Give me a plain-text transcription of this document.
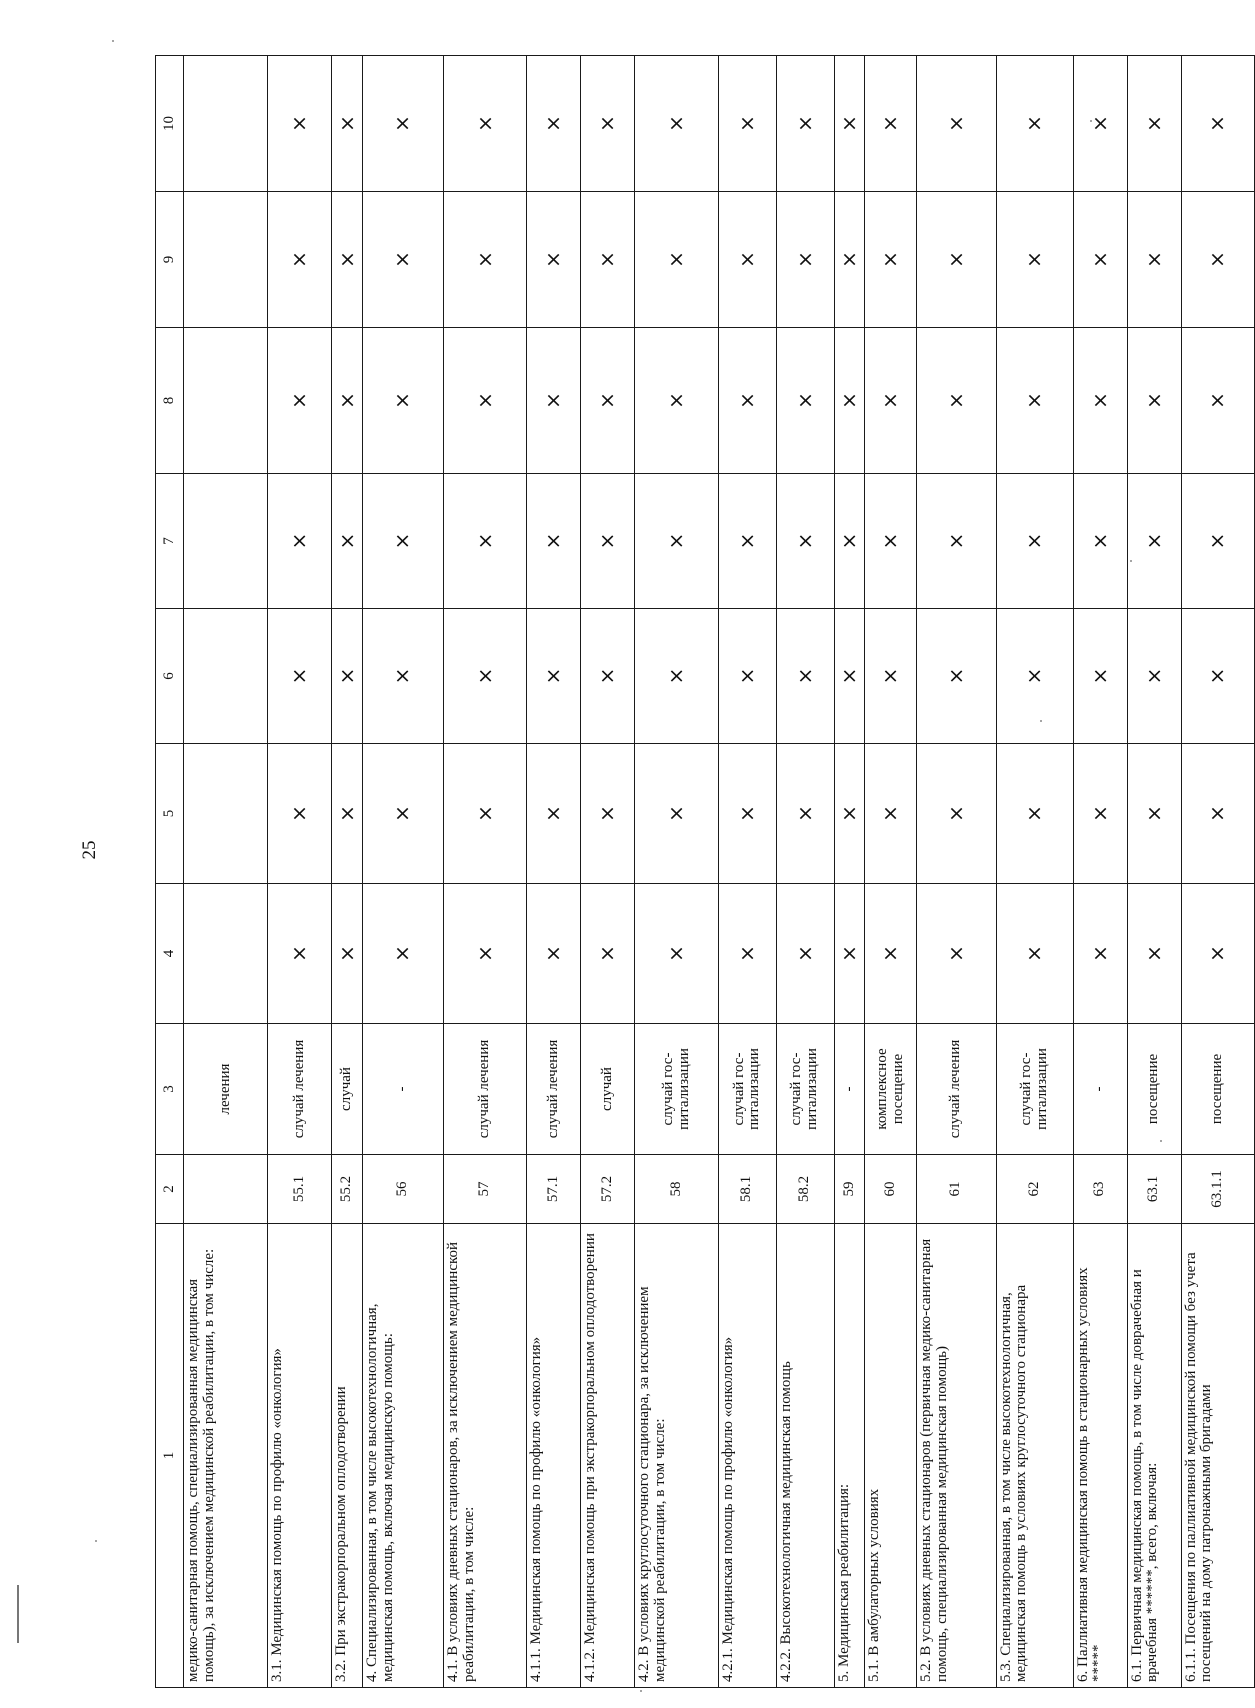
25
1	2	3	4	5	6	7	8	9	10
медико-санитарная помощь, специализированная медицинская помощь), за исключением медицинской реабилитации, в том числе:		лечения							
3.1. Медицинская помощь по профилю «онкология»	55.1	случай лечения	×	×	×	×	×	×	×
3.2. При экстракорпоральном оплодотворении	55.2	случай	×	×	×	×	×	×	×
4. Специализированная, в том числе высокотехнологичная, медицинская помощь, включая медицинскую помощь:	56	-	×	×	×	×	×	×	×
4.1. В условиях дневных стационаров, за исключением медицинской реабилитации, в том числе:	57	случай лечения	×	×	×	×	×	×	×
4.1.1. Медицинская помощь по профилю «онкология»	57.1	случай лечения	×	×	×	×	×	×	×
4.1.2. Медицинская помощь при экстракорпоральном оплодотворении	57.2	случай	×	×	×	×	×	×	×
4.2. В условиях круглосуточного стационара, за исключением медицинской реабилитации, в том числе:	58	случай гос-питализации	×	×	×	×	×	×	×
4.2.1. Медицинская помощь по профилю «онкология»	58.1	случай гос-питализации	×	×	×	×	×	×	×
4.2.2. Высокотехнологичная медицинская помощь	58.2	случай гос-питализации	×	×	×	×	×	×	×
5. Медицинская реабилитация:	59	-	×	×	×	×	×	×	×
5.1. В амбулаторных условиях	60	комплексное посещение	×	×	×	×	×	×	×
5.2. В условиях дневных стационаров (первичная медико-санитарная помощь, специализированная медицинская помощь)	61	случай лечения	×	×	×	×	×	×	×
5.3. Специализированная, в том числе высокотехнологичная, медицинская помощь в условиях круглосуточного стационара	62	случай гос-питализации	×	×	×	×	×	×	×
6. Паллиативная медицинская помощь в стационарных условиях *****	63	-	×	×	×	×	×	×	×
6.1. Первичная медицинская помощь, в том числе доврачебная и врачебная ******, всего, включая:	63.1	посещение	×	×	×	×	×	×	×
6.1.1. Посещения по паллиативной медицинской помощи без учета посещений на дому патронажными бригадами	63.1.1	посещение	×	×	×	×	×	×	×
